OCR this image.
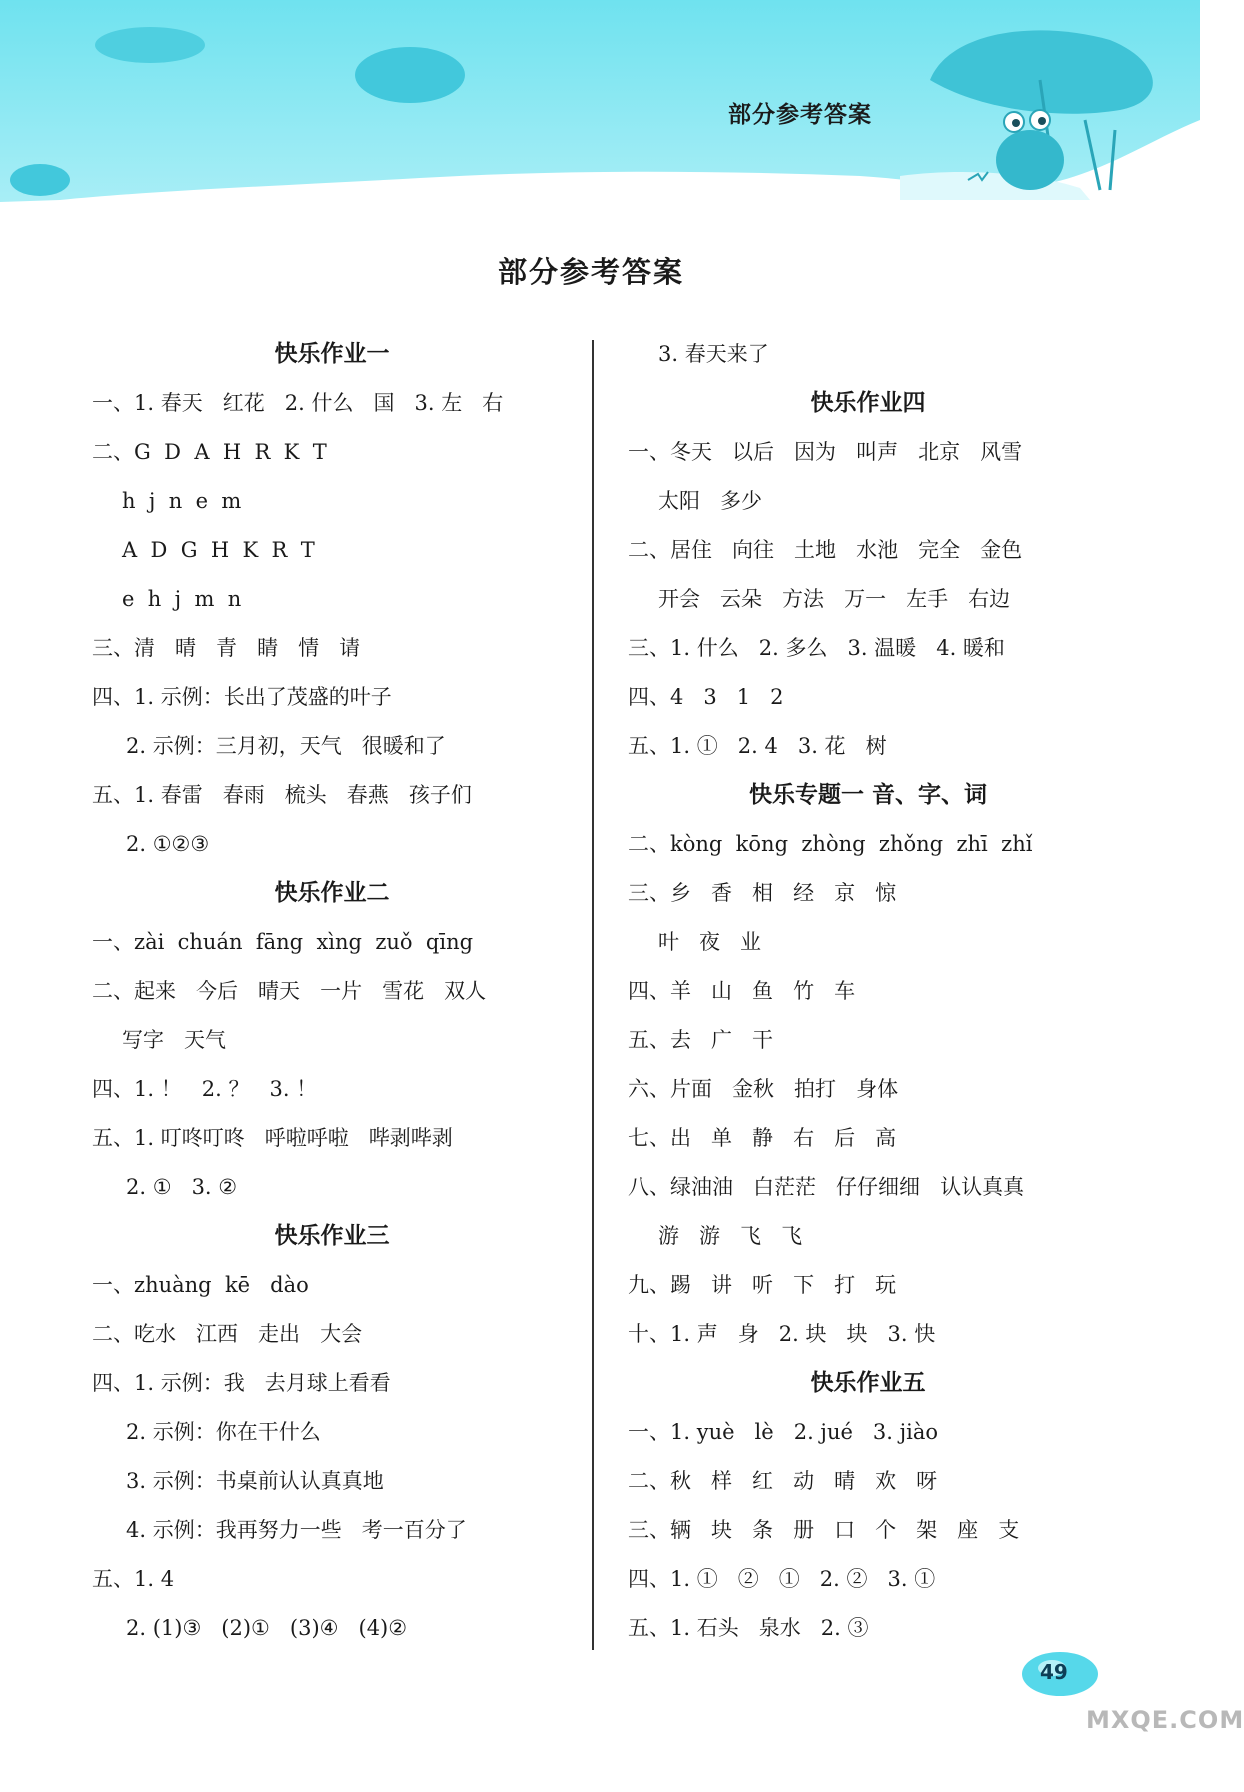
部分参考答案
部分参考答案
快乐作业一
一、1. 春天   红花   2. 什么   国   3. 左   右
二、G  D  A  H  R  K  T
h  j  n  e  m
A  D  G  H  K  R  T
e  h  j  m  n
三、清   晴   青   睛   情   请
四、1. 示例：长出了茂盛的叶子
2. 示例：三月初，天气   很暖和了
五、1. 春雷   春雨   梳头   春燕   孩子们
2. ①②③
快乐作业二
一、zài  chuán  fāng  xìng  zuǒ  qīng
二、起来   今后   晴天   一片   雪花   双人
写字   天气
四、1. ！   2. ？   3. ！
五、1. 叮咚叮咚   呼啦呼啦   哔剥哔剥
2. ①   3. ②
快乐作业三
一、zhuàng  kē   dào
二、吃水   江西   走出   大会
四、1. 示例：我   去月球上看看
2. 示例：你在干什么
3. 示例：书桌前认认真真地
4. 示例：我再努力一些   考一百分了
五、1. 4
2. (1)③   (2)①   (3)④   (4)②
3. 春天来了
快乐作业四
一、冬天   以后   因为   叫声   北京   风雪
太阳   多少
二、居住   向往   土地   水池   完全   金色
开会   云朵   方法   万一   左手   右边
三、1. 什么   2. 多么   3. 温暖   4. 暖和
四、4   3   1   2
五、1. ①   2. 4   3. 花   树
快乐专题一 音、字、词
二、kòng  kōng  zhòng  zhǒng  zhī  zhǐ
三、乡   香   相   经   京   惊
叶   夜   业
四、羊   山   鱼   竹   车
五、去   广   干
六、片面   金秋   拍打   身体
七、出   单   静   右   后   高
八、绿油油   白茫茫   仔仔细细   认认真真
游   游   飞   飞
九、踢   讲   听   下   打   玩
十、1. 声   身   2. 块   块   3. 快
快乐作业五
一、1. yuè   lè   2. jué   3. jiào
二、秋   样   红   动   晴   欢   呀
三、辆   块   条   册   口   个   架   座   支
四、1. ①   ②   ①   2. ②   3. ①
五、1. 石头   泉水   2. ③
49
MXQE.COM
